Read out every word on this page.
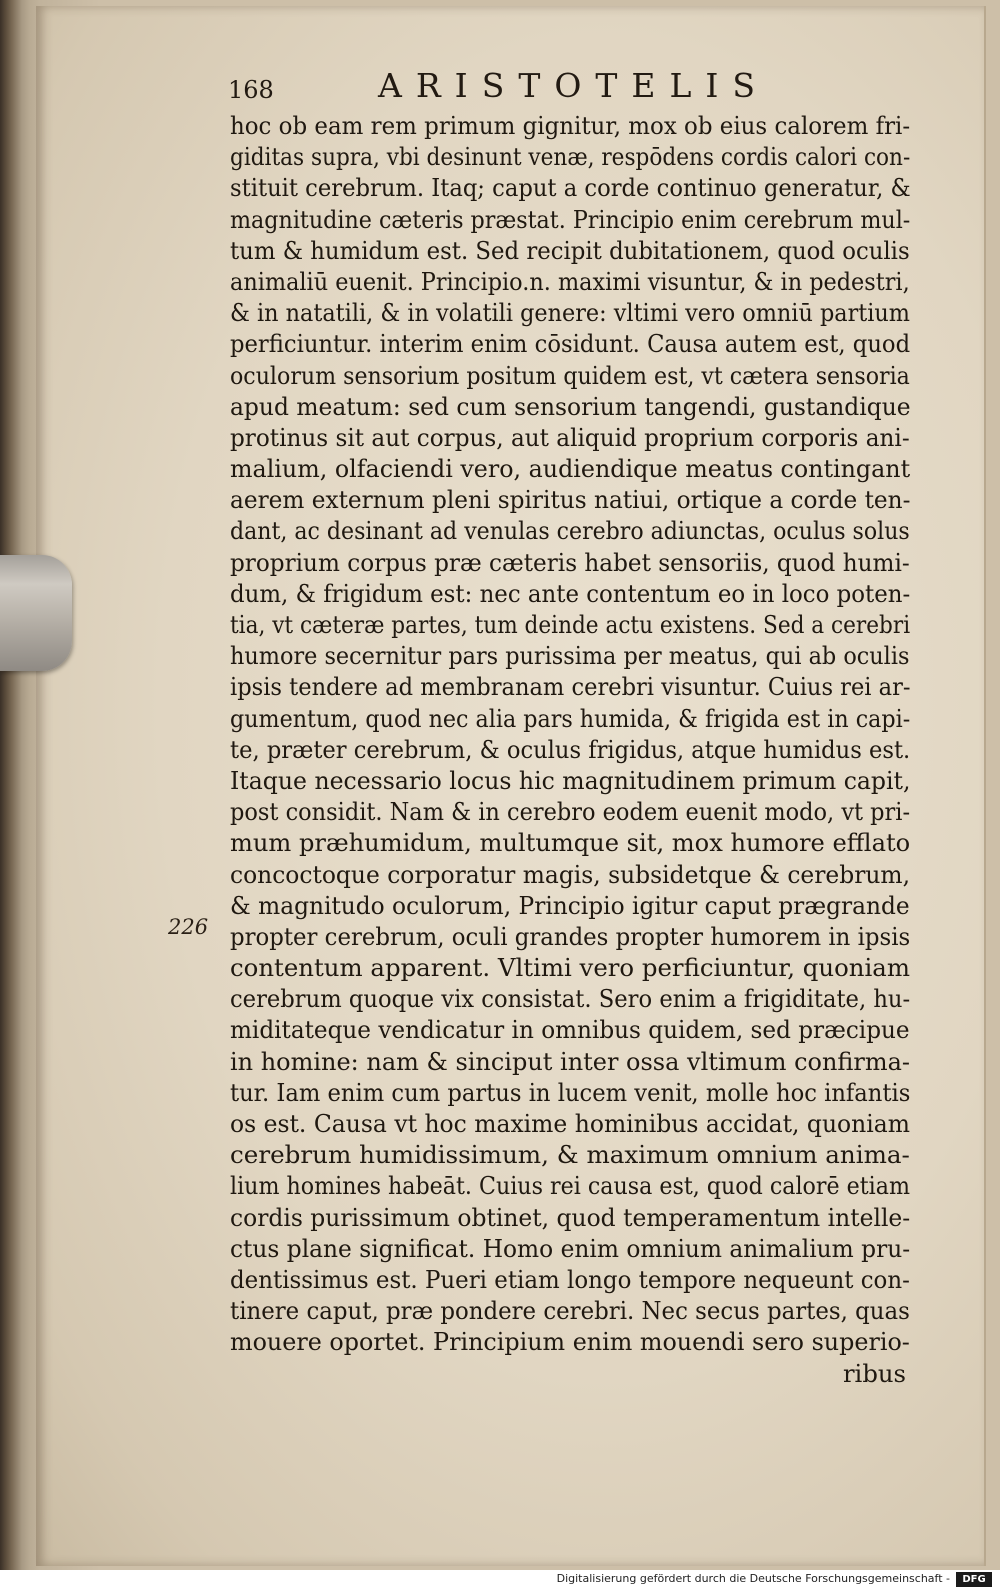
168	ARISTOTELIS
226
hoc ob eam rem primum gignitur, mox ob eius calorem fri-
giditas supra, vbi desinunt venæ, respōdens cordis calori con-
stituit cerebrum. Itaq; caput a corde continuo generatur, &
magnitudine cæteris præstat. Principio enim cerebrum mul-
tum & humidum est. Sed recipit dubitationem, quod oculis
animaliū euenit. Principio.n. maximi visuntur, & in pedestri,
& in natatili, & in volatili genere: vltimi vero omniū partium
perficiuntur. interim enim cōsidunt. Causa autem est, quod
oculorum sensorium positum quidem est, vt cætera sensoria
apud meatum: sed cum sensorium tangendi, gustandique
protinus sit aut corpus, aut aliquid proprium corporis ani-
malium, olfaciendi vero, audiendique meatus contingant
aerem externum pleni spiritus natiui, ortique a corde ten-
dant, ac desinant ad venulas cerebro adiunctas, oculus solus
proprium corpus præ cæteris habet sensoriis, quod humi-
dum, & frigidum est: nec ante contentum eo in loco poten-
tia, vt cæteræ partes, tum deinde actu existens. Sed a cerebri
humore secernitur pars purissima per meatus, qui ab oculis
ipsis tendere ad membranam cerebri visuntur. Cuius rei ar-
gumentum, quod nec alia pars humida, & frigida est in capi-
te, præter cerebrum, & oculus frigidus, atque humidus est.
Itaque necessario locus hic magnitudinem primum capit,
post considit. Nam & in cerebro eodem euenit modo, vt pri-
mum præhumidum, multumque sit, mox humore efflato
concoctoque corporatur magis, subsidetque & cerebrum,
& magnitudo oculorum, Principio igitur caput prægrande
propter cerebrum, oculi grandes propter humorem in ipsis
contentum apparent. Vltimi vero perficiuntur, quoniam
cerebrum quoque vix consistat. Sero enim a frigiditate, hu-
miditateque vendicatur in omnibus quidem, sed præcipue
in homine: nam & sinciput inter ossa vltimum confirma-
tur. Iam enim cum partus in lucem venit, molle hoc infantis
os est. Causa vt hoc maxime hominibus accidat, quoniam
cerebrum humidissimum, & maximum omnium anima-
lium homines habeāt. Cuius rei causa est, quod calorē etiam
cordis purissimum obtinet, quod temperamentum intelle-
ctus plane significat. Homo enim omnium animalium pru-
dentissimus est. Pueri etiam longo tempore nequeunt con-
tinere caput, præ pondere cerebri. Nec secus partes, quas
mouere oportet. Principium enim mouendi sero superio-
ribus
Digitalisierung gefördert durch die Deutsche Forschungsgemeinschaft -	DFG
